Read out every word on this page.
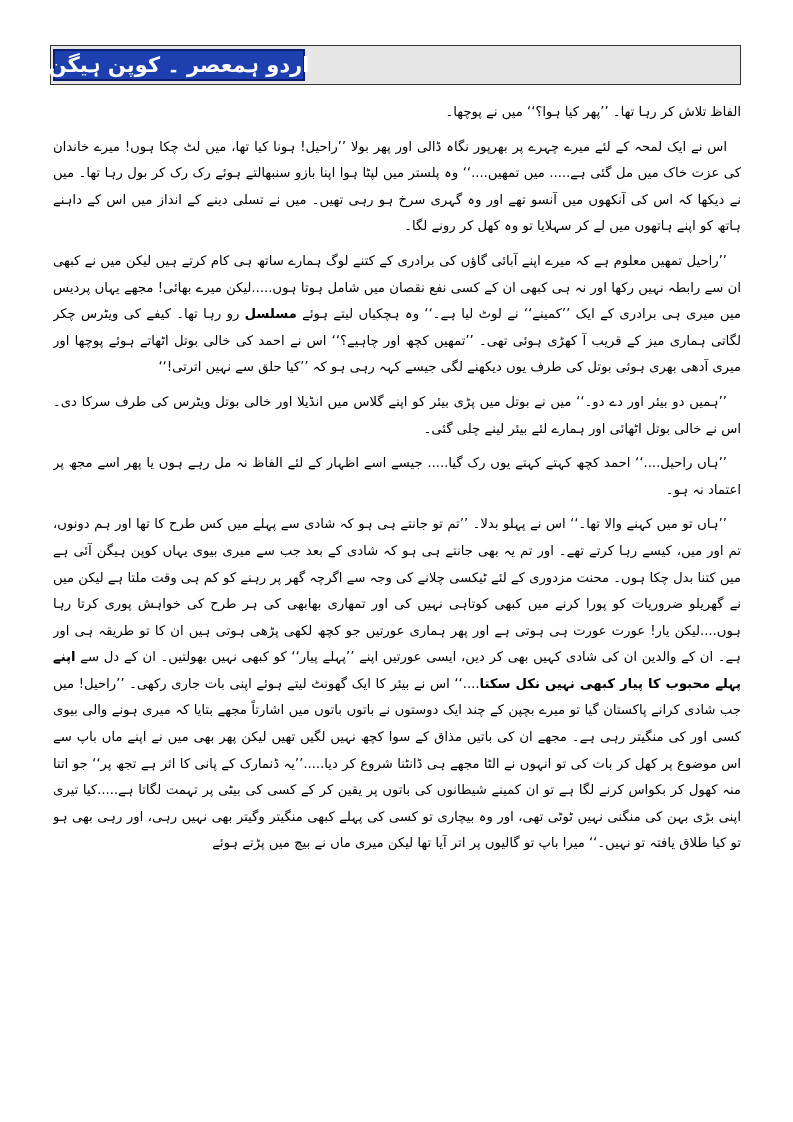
اردو ہمعصر ۔ کوپن ہیگن

الفاظ تلاش کر رہا تھا۔ ’’پھر کیا ہوا؟‘‘ میں نے پوچھا۔

اس نے ایک لمحہ کے لئے میرے چہرے پر بھرپور نگاہ ڈالی اور پھر بولا ’’راحیل! ہونا کیا تھا، میں لٹ چکا ہوں! میرے خاندان کی عزت خاک میں مل گئی ہے..... میں تمھیں....‘‘ وہ پلستر میں لپٹا ہوا اپنا بازو سنبھالتے ہوئے رک رک کر بول رہا تھا۔ میں نے دیکھا کہ اس کی آنکھوں میں آنسو تھے اور وہ گہری سرخ ہو رہی تھیں۔ میں نے تسلی دینے کے انداز میں اس کے داہنے ہاتھ کو اپنے ہاتھوں میں لے کر سہلایا تو وہ کھل کر رونے لگا۔

’’راحیل تمھیں معلوم ہے کہ میرے اپنے آبائی گاؤں کی برادری کے کتنے لوگ ہمارے ساتھ ہی کام کرتے ہیں لیکن میں نے کبھی ان سے رابطہ نہیں رکھا اور نہ ہی کبھی ان کے کسی نفع نقصان میں شامل ہوتا ہوں.....لیکن میرے بھائی! مجھے یہاں پردیس میں میری ہی برادری کے ایک ’’کمینے‘‘ نے لوٹ لیا ہے۔‘‘ وہ ہچکیاں لیتے ہوئے مسلسل رو رہا تھا۔ کیفے کی ویٹرس چکر لگاتی ہماری میز کے قریب آ کھڑی ہوئی تھی۔ ’’تمھیں کچھ اور چاہیے؟‘‘ اس نے احمد کی خالی بوتل اٹھاتے ہوئے پوچھا اور میری آدھی بھری ہوئی بوتل کی طرف یوں دیکھنے لگی جیسے کہہ رہی ہو کہ ’’کیا حلق سے نہیں اترتی!‘‘

’’ہمیں دو بیئر اور دے دو۔‘‘ میں نے بوتل میں پڑی بیئر کو اپنے گلاس میں انڈیلا اور خالی بوتل ویٹرس کی طرف سرکا دی۔ اس نے خالی بوتل اٹھائی اور ہمارے لئے بیئر لینے چلی گئی۔

’’ہاں راحیل....‘‘ احمد کچھ کہتے کہتے یوں رک گیا..... جیسے اسے اظہار کے لئے الفاظ نہ مل رہے ہوں یا پھر اسے مجھ پر اعتماد نہ ہو۔

’’ہاں تو میں کہنے والا تھا۔‘‘ اس نے پہلو بدلا۔ ’’تم تو جانتے ہی ہو کہ شادی سے پہلے میں کس طرح کا تھا اور ہم دونوں، تم اور میں، کیسے رہا کرتے تھے۔ اور تم یہ بھی جانتے ہی ہو کہ شادی کے بعد جب سے میری بیوی یہاں کوپن ہیگن آئی ہے میں کتنا بدل چکا ہوں۔ محنت مزدوری کے لئے ٹیکسی چلانے کی وجہ سے اگرچہ گھر پر رہنے کو کم ہی وقت ملتا ہے لیکن میں نے گھریلو ضروریات کو پورا کرنے میں کبھی کوتاہی نہیں کی اور تمھاری بھابھی کی ہر طرح کی خواہش پوری کرتا رہا ہوں....لیکن یار! عورت عورت ہی ہوتی ہے اور پھر ہماری عورتیں جو کچھ لکھی پڑھی ہوتی ہیں ان کا تو طریقہ ہی اور ہے۔ ان کے والدین ان کی شادی کہیں بھی کر دیں، ایسی عورتیں اپنے ’’پہلے پیار‘‘ کو کبھی نہیں بھولتیں۔ ان کے دل سے اپنے پہلے محبوب کا پیار کبھی نہیں نکل سکتا....‘‘ اس نے بیئر کا ایک گھونٹ لیتے ہوئے اپنی بات جاری رکھی۔ ’’راحیل! میں جب شادی کرانے پاکستان گیا تو میرے بچپن کے چند ایک دوستوں نے باتوں باتوں میں اشارتاً مجھے بتایا کہ میری ہونے والی بیوی کسی اور کی منگیتر رہی ہے۔ مجھے ان کی باتیں مذاق کے سوا کچھ نہیں لگیں تھیں لیکن پھر بھی میں نے اپنے ماں باپ سے اس موضوع پر کھل کر بات کی تو انہوں نے الٹا مجھے ہی ڈانٹنا شروع کر دیا.....’’یہ ڈنمارک کے پانی کا اثر ہے تجھ پر‘‘ جو اتنا منہ کھول کر بکواس کرنے لگا ہے تو ان کمینے شیطانوں کی باتوں پر یقین کر کے کسی کی بیٹی پر تہمت لگاتا ہے.....کیا تیری اپنی بڑی بہن کی منگنی نہیں ٹوٹی تھی، اور وہ بیچاری تو کسی کی پہلے کبھی منگیتر وگیتر بھی نہیں رہی، اور رہی بھی ہو تو کیا طلاق یافتہ تو نہیں۔‘‘ میرا باپ تو گالیوں پر اتر آیا تھا لیکن میری ماں نے بیچ میں پڑتے ہوئے
